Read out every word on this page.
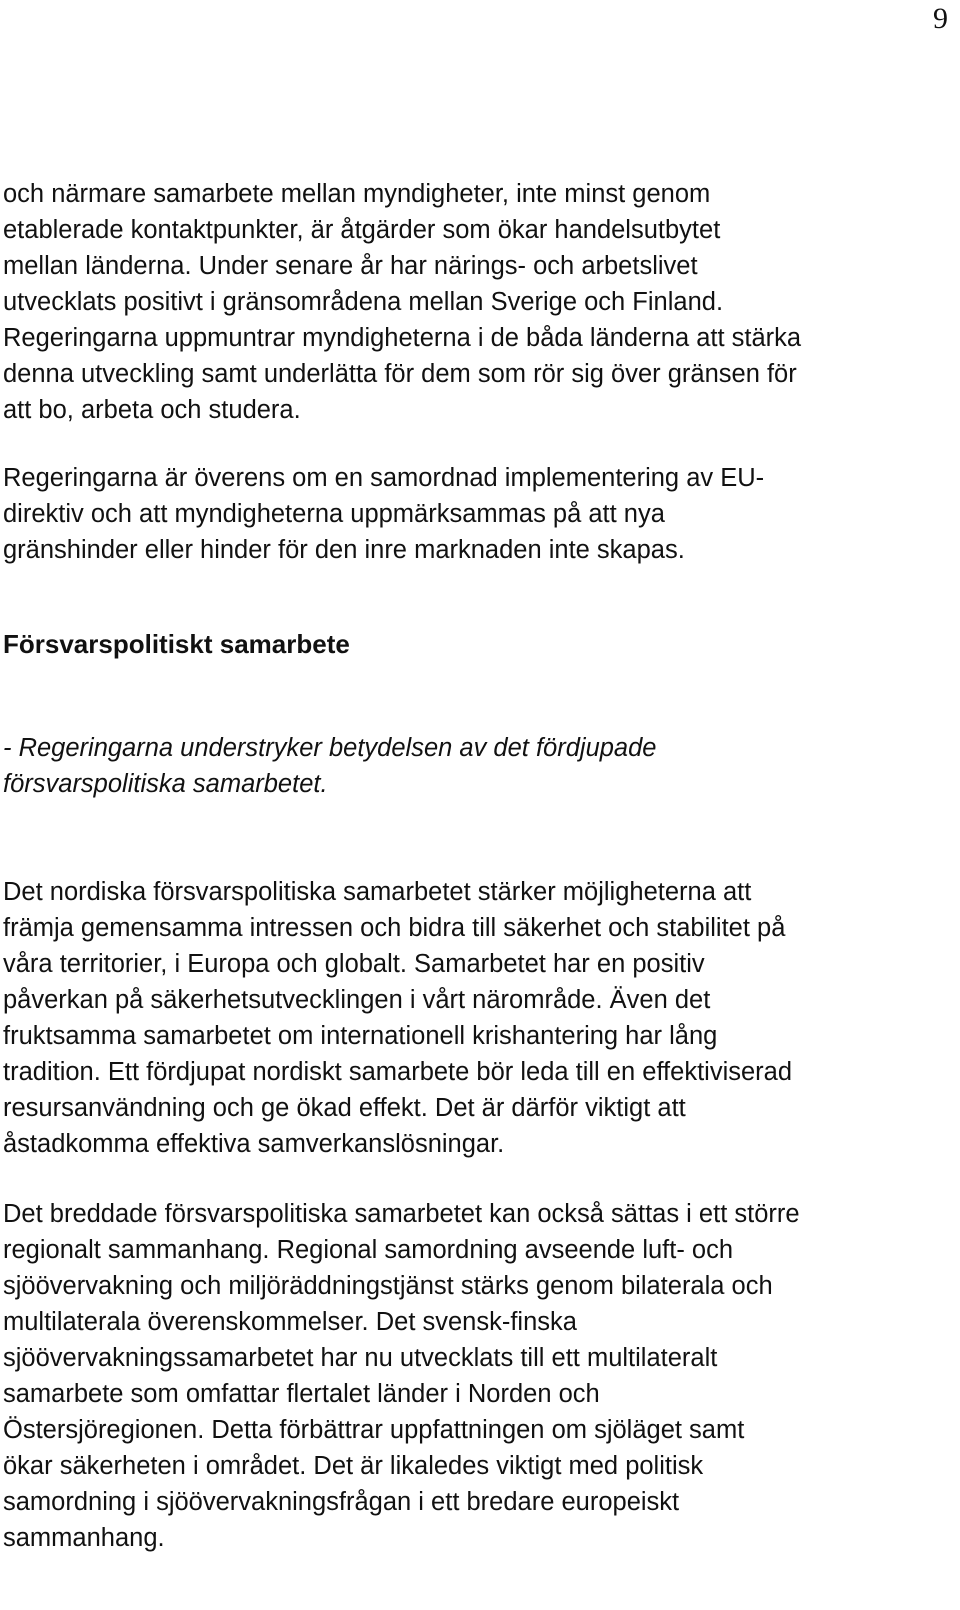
9
och närmare samarbete mellan myndigheter, inte minst genom
etablerade kontaktpunkter, är åtgärder som ökar handelsutbytet
mellan länderna. Under senare år har närings- och arbetslivet
utvecklats positivt i gränsområdena mellan Sverige och Finland.
Regeringarna uppmuntrar myndigheterna i de båda länderna att stärka
denna utveckling samt underlätta för dem som rör sig över gränsen för
att bo, arbeta och studera.
Regeringarna är överens om en samordnad implementering av EU-
direktiv och att myndigheterna uppmärksammas på att nya
gränshinder eller hinder för den inre marknaden inte skapas.
Försvarspolitiskt samarbete
- Regeringarna understryker betydelsen av det fördjupade
försvarspolitiska samarbetet.
Det nordiska försvarspolitiska samarbetet stärker möjligheterna att
främja gemensamma intressen och bidra till säkerhet och stabilitet på
våra territorier, i Europa och globalt. Samarbetet har en positiv
påverkan på säkerhetsutvecklingen i vårt närområde. Även det
fruktsamma samarbetet om internationell krishantering har lång
tradition. Ett fördjupat nordiskt samarbete bör leda till en effektiviserad
resursanvändning och ge ökad effekt. Det är därför viktigt att
åstadkomma effektiva samverkanslösningar.
Det breddade försvarspolitiska samarbetet kan också sättas i ett större
regionalt sammanhang. Regional samordning avseende luft- och
sjöövervakning och miljöräddningstjänst stärks genom bilaterala och
multilaterala överenskommelser. Det svensk-finska
sjöövervakningssamarbetet har nu utvecklats till ett multilateralt
samarbete som omfattar flertalet länder i Norden och
Östersjöregionen. Detta förbättrar uppfattningen om sjöläget samt
ökar säkerheten i området. Det är likaledes viktigt med politisk
samordning i sjöövervakningsfrågan i ett bredare europeiskt
sammanhang.
